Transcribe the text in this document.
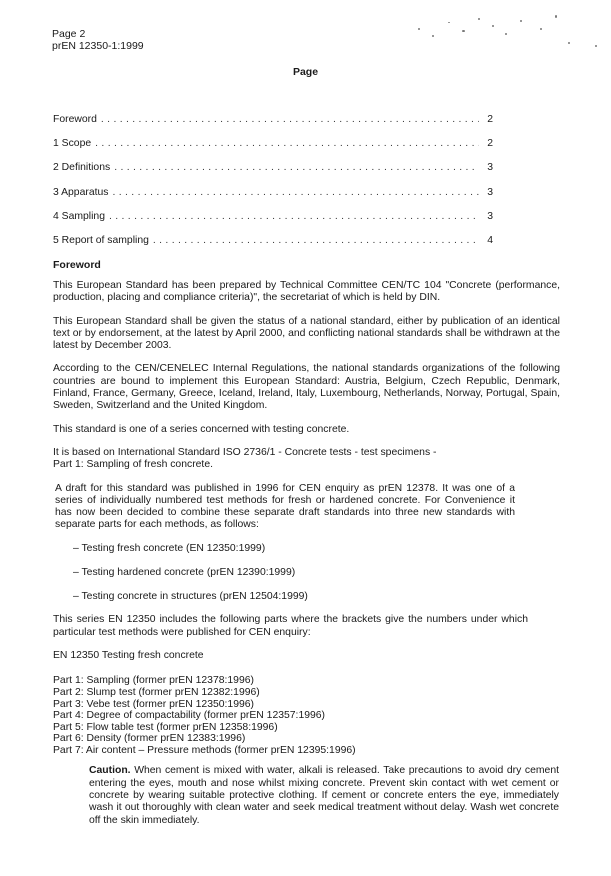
Page 2
prEN 12350-1:1999
Page
Foreword . . .	2
1 Scope . . .	2
2 Definitions . . .	3
3 Apparatus . . .	3
4 Sampling . . .	3
5 Report of sampling . . .	4
Foreword

This European Standard has been prepared by Technical Committee CEN/TC 104 "Concrete (performance, production, placing and compliance criteria)", the secretariat of which is held by DIN.

This European Standard shall be given the status of a national standard, either by publication of an identical text or by endorsement, at the latest by April 2000, and conflicting national standards shall be withdrawn at the latest by December 2003.

According to the CEN/CENELEC Internal Regulations, the national standards organizations of the following countries are bound to implement this European Standard: Austria, Belgium, Czech Republic, Denmark, Finland, France, Germany, Greece, Iceland, Ireland, Italy, Luxembourg, Netherlands, Norway, Portugal, Spain, Sweden, Switzerland and the United Kingdom.

This standard is one of a series concerned with testing concrete.

It is based on International Standard ISO 2736/1 - Concrete tests - test specimens -
Part 1: Sampling of fresh concrete.

A draft for this standard was published in 1996 for CEN enquiry as prEN 12378. It was one of a series of individually numbered test methods for fresh or hardened concrete. For Convenience it has now been decided to combine these separate draft standards into three new standards with separate parts for each methods, as follows:

– Testing fresh concrete (EN 12350:1999)
– Testing hardened concrete (prEN 12390:1999)
– Testing concrete in structures (prEN 12504:1999)

This series EN 12350 includes the following parts where the brackets give the numbers under which particular test methods were published for CEN enquiry:

EN 12350 Testing fresh concrete

Part 1: Sampling (former prEN 12378:1996)
Part 2: Slump test (former prEN 12382:1996)
Part 3: Vebe test (former prEN 12350:1996)
Part 4: Degree of compactability (former prEN 12357:1996)
Part 5: Flow table test (former prEN 12358:1996)
Part 6: Density (former prEN 12383:1996)
Part 7: Air content – Pressure methods (former prEN 12395:1996)
Caution. When cement is mixed with water, alkali is released. Take precautions to avoid dry cement entering the eyes, mouth and nose whilst mixing concrete. Prevent skin contact with wet cement or concrete by wearing suitable protective clothing. If cement or concrete enters the eye, immediately wash it out thoroughly with clean water and seek medical treatment without delay. Wash wet concrete off the skin immediately.
